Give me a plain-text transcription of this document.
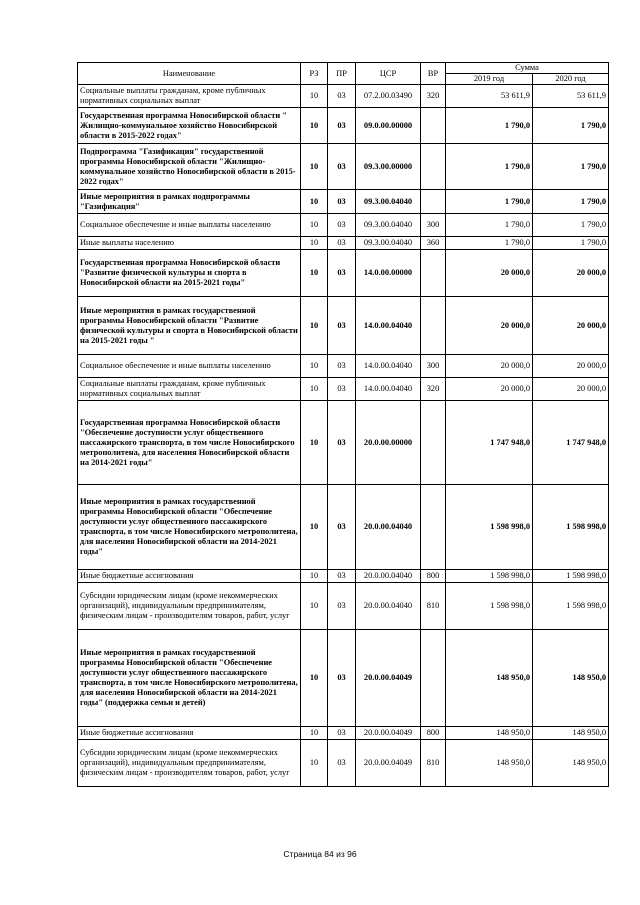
Наименование	РЗ	ПР	ЦСР	ВР	Сумма	
					2019 год	2020 год
Социальные выплаты гражданам, кроме публичных нормативных социальных выплат	10	03	07.2.00.03490	320	53 611,9	53 611,9
Государственная программа Новосибирской области " Жилищно-коммунальное хозяйство Новосибирской области в 2015-2022 годах"	10	03	09.0.00.00000		1 790,0	1 790,0
Подпрограмма "Газификация" государственной программы Новосибирской области "Жилищно-коммунальное хозяйство Новосибирской области в 2015-2022 годах"	10	03	09.3.00.00000		1 790,0	1 790,0
Иные мероприятия в рамках подпрограммы "Газификация"	10	03	09.3.00.04040		1 790,0	1 790,0
Социальное обеспечение и иные выплаты населению	10	03	09.3.00.04040	300	1 790,0	1 790,0
Иные выплаты населению	10	03	09.3.00.04040	360	1 790,0	1 790,0
Государственная программа Новосибирской области "Развитие физической культуры и спорта в Новосибирской области на 2015-2021 годы"	10	03	14.0.00.00000		20 000,0	20 000,0
Иные мероприятия в рамках государственной программы Новосибирской области "Развитие физической культуры и спорта в Новосибирской области на 2015-2021 годы "	10	03	14.0.00.04040		20 000,0	20 000,0
Социальное обеспечение и иные выплаты населению	10	03	14.0.00.04040	300	20 000,0	20 000,0
Социальные выплаты гражданам, кроме публичных нормативных социальных выплат	10	03	14.0.00.04040	320	20 000,0	20 000,0
Государственная программа Новосибирской области "Обеспечение доступности услуг общественного пассажирского транспорта, в том числе Новосибирского метрополитена, для населения Новосибирской области на 2014-2021 годы"	10	03	20.0.00.00000		1 747 948,0	1 747 948,0
Иные мероприятия в рамках государственной программы Новосибирской области "Обеспечение доступности услуг общественного пассажирского транспорта, в том числе Новосибирского метрополитена, для населения Новосибирской области на 2014-2021 годы"	10	03	20.0.00.04040		1 598 998,0	1 598 998,0
Иные бюджетные ассигнования	10	03	20.0.00.04040	800	1 598 998,0	1 598 998,0
Субсидии юридическим лицам (кроме некоммерческих организаций), индивидуальным предпринимателям, физическим лицам - производителям товаров, работ, услуг	10	03	20.0.00.04040	810	1 598 998,0	1 598 998,0
Иные мероприятия в рамках государственной программы Новосибирской области "Обеспечение доступности услуг общественного пассажирского транспорта, в том числе Новосибирского метрополитена, для населения Новосибирской области на 2014-2021 годы" (поддержка семьи и детей)	10	03	20.0.00.04049		148 950,0	148 950,0
Иные бюджетные ассигнования	10	03	20.0.00.04049	800	148 950,0	148 950,0
Субсидии юридическим лицам (кроме некоммерческих организаций), индивидуальным предпринимателям, физическим лицам - производителям товаров, работ, услуг	10	03	20.0.00.04049	810	148 950,0	148 950,0
Страница 84 из 96
